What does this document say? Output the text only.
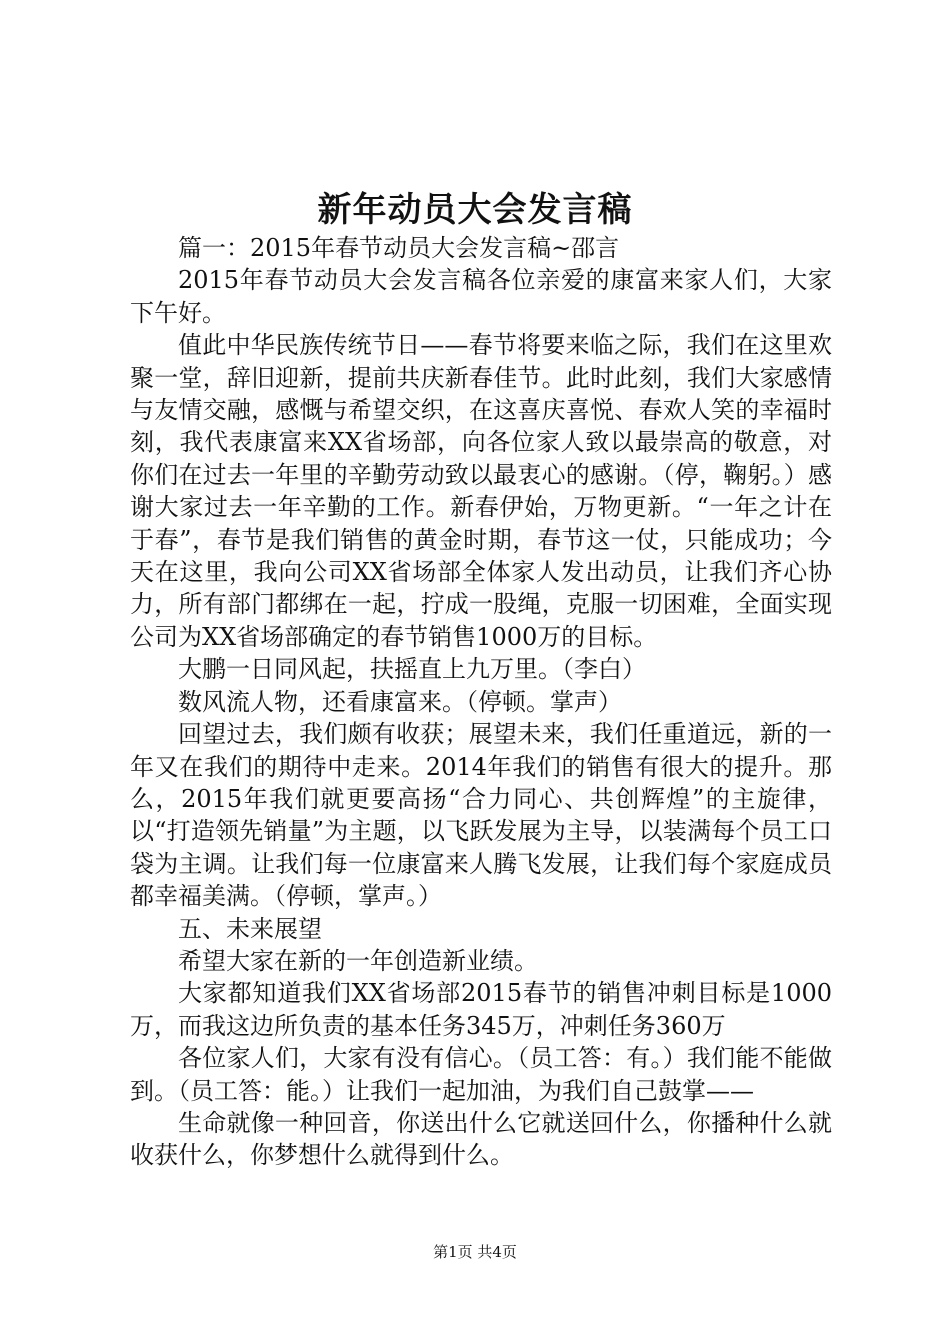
新年动员大会发言稿

篇一：2015年春节动员大会发言稿~邵言

2015年春节动员大会发言稿各位亲爱的康富来家人们，大家下午好。

值此中华民族传统节日——春节将要来临之际，我们在这里欢聚一堂，辞旧迎新，提前共庆新春佳节。此时此刻，我们大家感情与友情交融，感慨与希望交织，在这喜庆喜悦、春欢人笑的幸福时刻，我代表康富来XX省场部，向各位家人致以最崇高的敬意，对你们在过去一年里的辛勤劳动致以最衷心的感谢。（停，鞠躬。）感谢大家过去一年辛勤的工作。新春伊始，万物更新。“一年之计在于春”，春节是我们销售的黄金时期，春节这一仗，只能成功；今天在这里，我向公司XX省场部全体家人发出动员，让我们齐心协力，所有部门都绑在一起，拧成一股绳，克服一切困难，全面实现公司为XX省场部确定的春节销售1000万的目标。

大鹏一日同风起，扶摇直上九万里。（李白）

数风流人物，还看康富来。（停顿。掌声）

回望过去，我们颇有收获；展望未来，我们任重道远，新的一年又在我们的期待中走来。2014年我们的销售有很大的提升。那么，2015年我们就更要高扬“合力同心、共创辉煌”的主旋律，以“打造领先销量”为主题，以飞跃发展为主导，以装满每个员工口袋为主调。让我们每一位康富来人腾飞发展，让我们每个家庭成员都幸福美满。（停顿，掌声。）

五、未来展望

希望大家在新的一年创造新业绩。

大家都知道我们XX省场部2015春节的销售冲刺目标是1000万，而我这边所负责的基本任务345万，冲刺任务360万

各位家人们，大家有没有信心。（员工答：有。）我们能不能做到。（员工答：能。）让我们一起加油，为我们自己鼓掌——

生命就像一种回音，你送出什么它就送回什么，你播种什么就收获什么，你梦想什么就得到什么。

第1页 共4页
